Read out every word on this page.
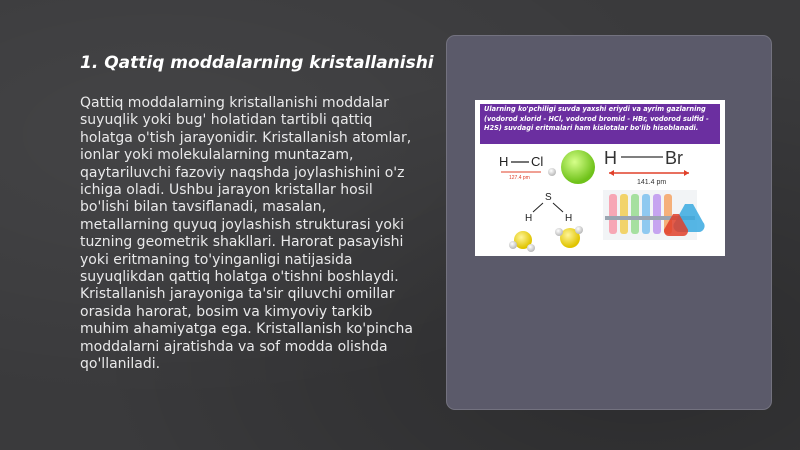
1. Qattiq moddalarning kristallanishi

Qattiq moddalarning kristallanishi moddalar suyuqlik yoki bug' holatidan tartibli qattiq holatga o'tish jarayonidir. Kristallanish atomlar, ionlar yoki molekulalarning muntazam, qaytariluvchi fazoviy naqshda joylashishini o'z ichiga oladi. Ushbu jarayon kristallar hosil bo'lishi bilan tavsiflanadi, masalan, metallarning quyuq joylashish strukturasi yoki tuzning geometrik shakllari. Harorat pasayishi yoki eritmaning to'yinganligi natijasida suyuqlikdan qattiq holatga o'tishni boshlaydi. Kristallanish jarayoniga ta'sir qiluvchi omillar orasida harorat, bosim va kimyoviy tarkib muhim ahamiyatga ega. Kristallanish ko'pincha moddalarni ajratishda va sof modda olishda qo'llaniladi.

Ularning ko'pchiligi suvda yaxshi eriydi va ayrim gazlarning (vodorod xlorid - HCl, vodorod bromid - HBr, vodorod sulfid - H2S) suvdagi eritmalari ham kislotalar bo'lib hisoblanadi.
H Cl
127.4 pm
H	Br
141.4 pm
S
H	H
